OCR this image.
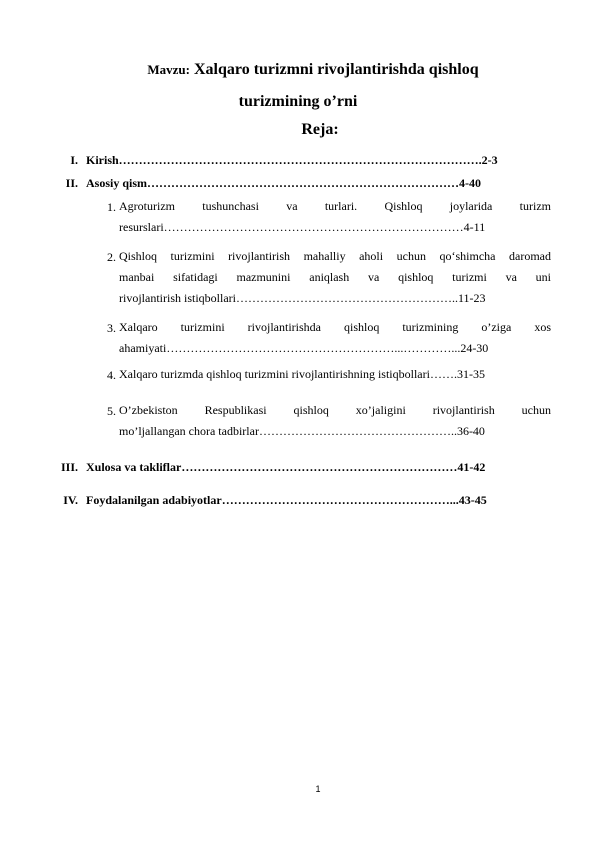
Mavzu: Xalqaro turizmni rivojlantirishda qishloq
turizmining o’rni
Reja:
I. Kirish……………………………………………………………………………….2-3
II. Asosiy qism……………………………………………………………………4-40
1. Agroturizm tushunchasi va turlari. Qishloq joylarida turizm
resurslari…………………………………………………………………4-11
2. Qishloq turizmini rivojlantirish mahalliy aholi uchun qo‘shimcha daromad
manbai sifatidagi mazmunini aniqlash va qishloq turizmi va uni
rivojlantirish istiqbollari………………………………………………..11-23
3. Xalqaro turizmini rivojlantirishda qishloq turizmining o’ziga xos
ahamiyati…………………………………………………...…………...24-30
4. Xalqaro turizmda qishloq turizmini rivojlantirishning istiqbollari…….31-35
5. O’zbekiston Respublikasi qishloq xo’jaligini rivojlantirish uchun
mo’ljallangan chora tadbirlar…………………………………………..36-40
III. Xulosa va takliflar……………………………………………………………41-42
IV. Foydalanilgan adabiyotlar…………………………………………………...43-45
1
